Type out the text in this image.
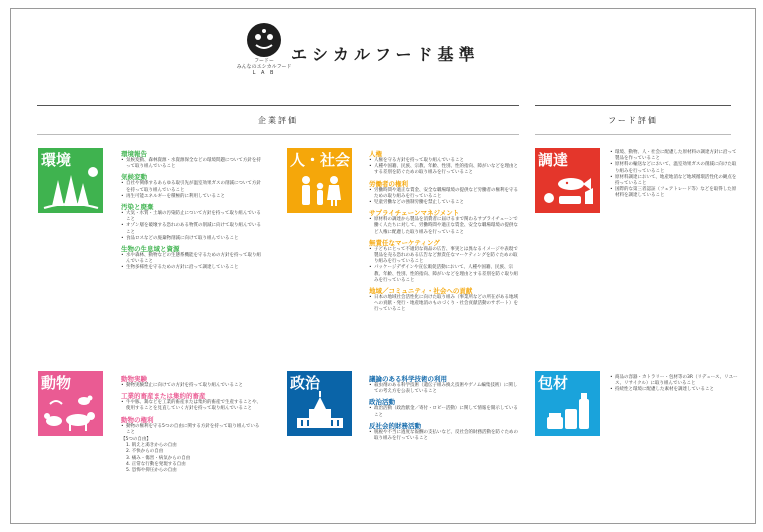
フードー
みんなのエシカルフード
L A B
エシカルフード基準
企業評価	フード評価
環境	環境報告
• 気候変動、森林資源・水資源保全などの環境問題について方針を持って取り組んでいること
気候変動
• 自社や関係するあらゆる取引先が温室効果ガスの削減について方針を持って取り組んでいること
• 再生可能エネルギーを積極的に利用していること
汚染と廃棄
• 大気・水質・土壌の汚染防止について方針を持って取り組んでいること
• オゾン層を破壊する恐れのある物質の削減に向けて取り組んでいること
• 食品ロスなどの廃棄物削減に向けて取り組んでいること
生物の生息域と資源
• 水や森林、動物などの生態系機能を守るための方針を持って取り組んでいること
• 生物多様性を守るための方針に沿って調達していること
人・社会	人権
• 人権を守る方針を持って取り組んでいること
• 人種や国籍、民族、宗教、年齢、性別、性的指向、障がいなどを理由とする差別を防ぐための取り組みを行っていること
労働者の権利
• 労働時間や適正な賃金、安全な職場環境の提供など労働者の権利を守るための取り組みを行っていること
• 児童労働などの強制労働を禁止していること
サプライチェーンマネジメント
• 原材料の調達から製品を消費者に届けるまで関わるサプライチェーンで働く人たちに対して、労働時間や適正な賃金、安全な職場環境の提供など人権に配慮した取り組みを行っていること
無責任なマーケティング
• 子どもにとって不適切な商品の広告、事実とは異なるイメージや表現で製品を売る恐れのある広告など無責任なマーケティングを防ぐための取り組みを行っていること
• パッケージデザインや宣伝販促活動において、人種や国籍、民族、宗教、年齢、性別、性的指向、障がいなどを理由とする差別を防ぐ取り組みを行っていること
地域／コミュニティ・社会への貢献
• 日本の地域社会活性化に向けた取り組み（事業所などの所在がある地域への貢献・発行・地産地消のものづくり・社会貢献活動のサポート）を行っていること
調達	• 環境、動物、人・社会に配慮した原材料の調達方針に沿って製品を作っていること
• 原材料の輸送などにおいて、温室効果ガスの削減に向けた取り組みを行っていること
• 原材料調達において、地産地消など地域循環活性化の観点を持っていること
• 国際的な第三者認証（フェアトレード等）などを取得した原材料を調達していること
動物	動物実験
• 動物実験禁止に向けての方針を持って取り組んでいること
工業的畜産または集約的畜産
• 牛や豚、鶏などを工業的畜産または集約的畜産で生産することや、使用することを見直していく方針を持って取り組んでいること
動物の権利
• 動物の権利を守る5つの自由に関する方針を持って取り組んでいること
【5つの自由】
1. 飢えと渇きからの自由
2. 不快からの自由
3. 痛み・傷害・病気からの自由
4. 正常な行動を発現する自由
5. 恐怖や抑圧からの自由
政治	議論のある科学技術の利用
• 殺虫剤のある科学技術（遺伝子組み換え技術やゲノム編集技術）に関しての考え方を公表していること
政治活動
• 政治活動（政治献金／寄付・ロビー活動）に関して情報を開示していること
反社会的財務活動
• 脱税や不当に過度な報酬の支払いなど、反社会的財務活動を防ぐための取り組みを行っていること
包材	• 商品の容器・カトラリー・包材等の3R（リデュース、リユース、リサイクル）に取り組んでいること
• 持続性と環境に配慮した素材を調達していること
